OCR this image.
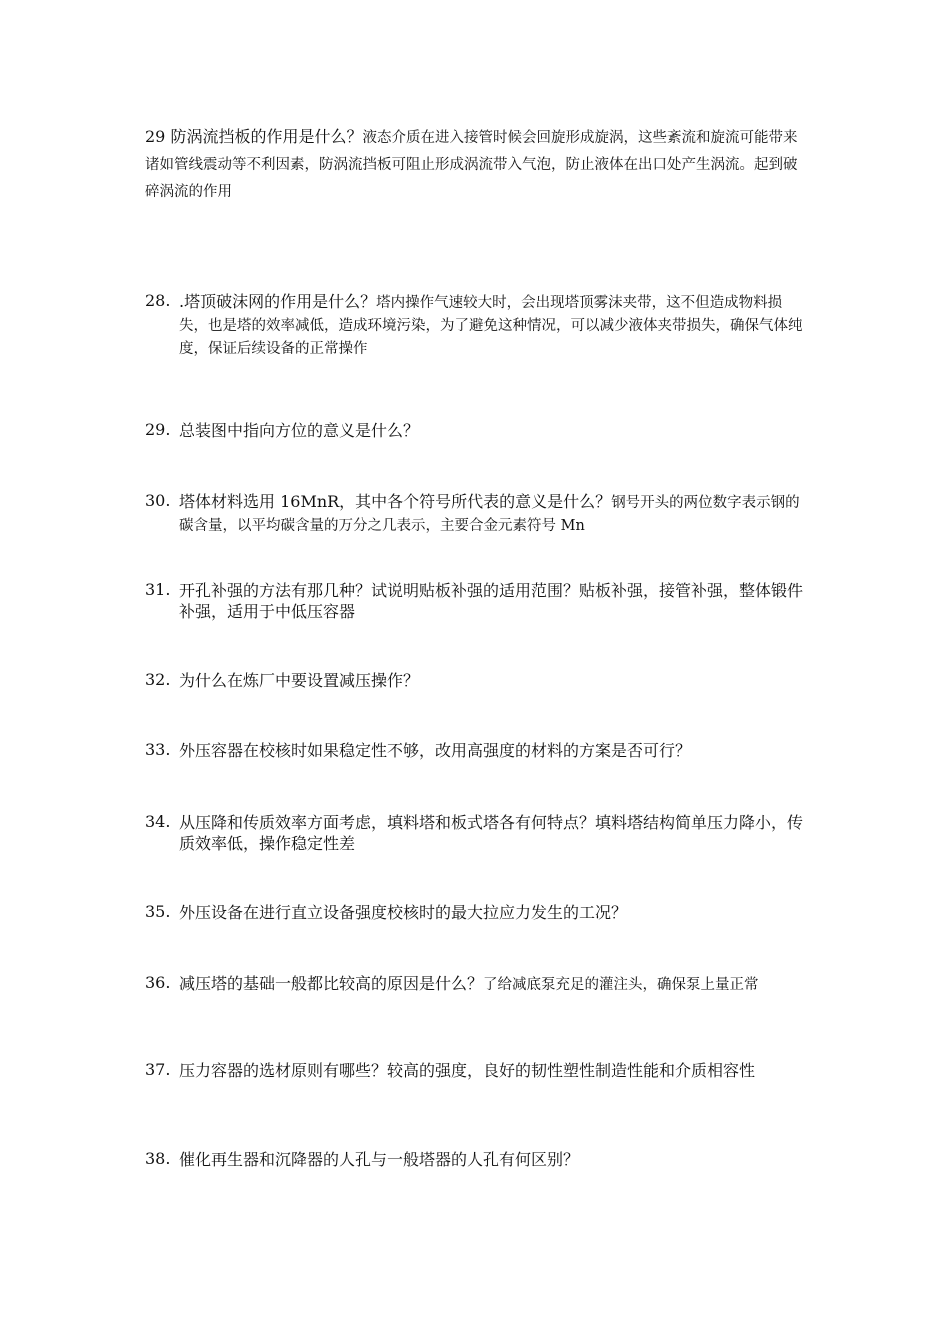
29 防涡流挡板的作用是什么？液态介质在进入接管时候会回旋形成旋涡，这些紊流和旋流可能带来诸如管线震动等不利因素，防涡流挡板可阻止形成涡流带入气泡，防止液体在出口处产生涡流。起到破碎涡流的作用
28. .塔顶破沫网的作用是什么？塔内操作气速较大时，会出现塔顶雾沫夹带，这不但造成物料损失，也是塔的效率减低，造成环境污染，为了避免这种情况，可以减少液体夹带损失，确保气体纯度，保证后续设备的正常操作
29. 总装图中指向方位的意义是什么？
30. 塔体材料选用 16MnR，其中各个符号所代表的意义是什么？钢号开头的两位数字表示钢的碳含量，以平均碳含量的万分之几表示，主要合金元素符号 Mn
31. 开孔补强的方法有那几种？试说明贴板补强的适用范围？贴板补强，接管补强，整体锻件补强，适用于中低压容器
32. 为什么在炼厂中要设置减压操作？
33. 外压容器在校核时如果稳定性不够，改用高强度的材料的方案是否可行？
34. 从压降和传质效率方面考虑，填料塔和板式塔各有何特点？填料塔结构简单压力降小，传质效率低，操作稳定性差
35. 外压设备在进行直立设备强度校核时的最大拉应力发生的工况？
36. 减压塔的基础一般都比较高的原因是什么？了给减底泵充足的灌注头，确保泵上量正常
37. 压力容器的选材原则有哪些？较高的强度，良好的韧性塑性制造性能和介质相容性
38. 催化再生器和沉降器的人孔与一般塔器的人孔有何区别？
